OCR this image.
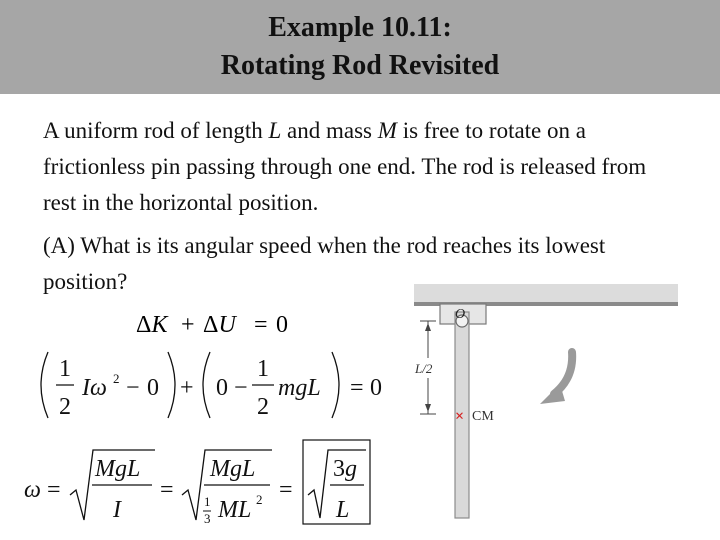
Example 10.11:
Rotating Rod Revisited
A uniform rod of length L and mass M is free to rotate on a frictionless pin passing through one end. The rod is released from rest in the horizontal position.
(A) What is its angular speed when the rod reaches its lowest position?
ΔK + ΔU = 0
1
2
Iω 2 − 0 + 0 −
1
2
mgL = 0
ω =
MgL
I
=
MgL
ML 2 =
3g
L
1
3
O
L/2
× CM
